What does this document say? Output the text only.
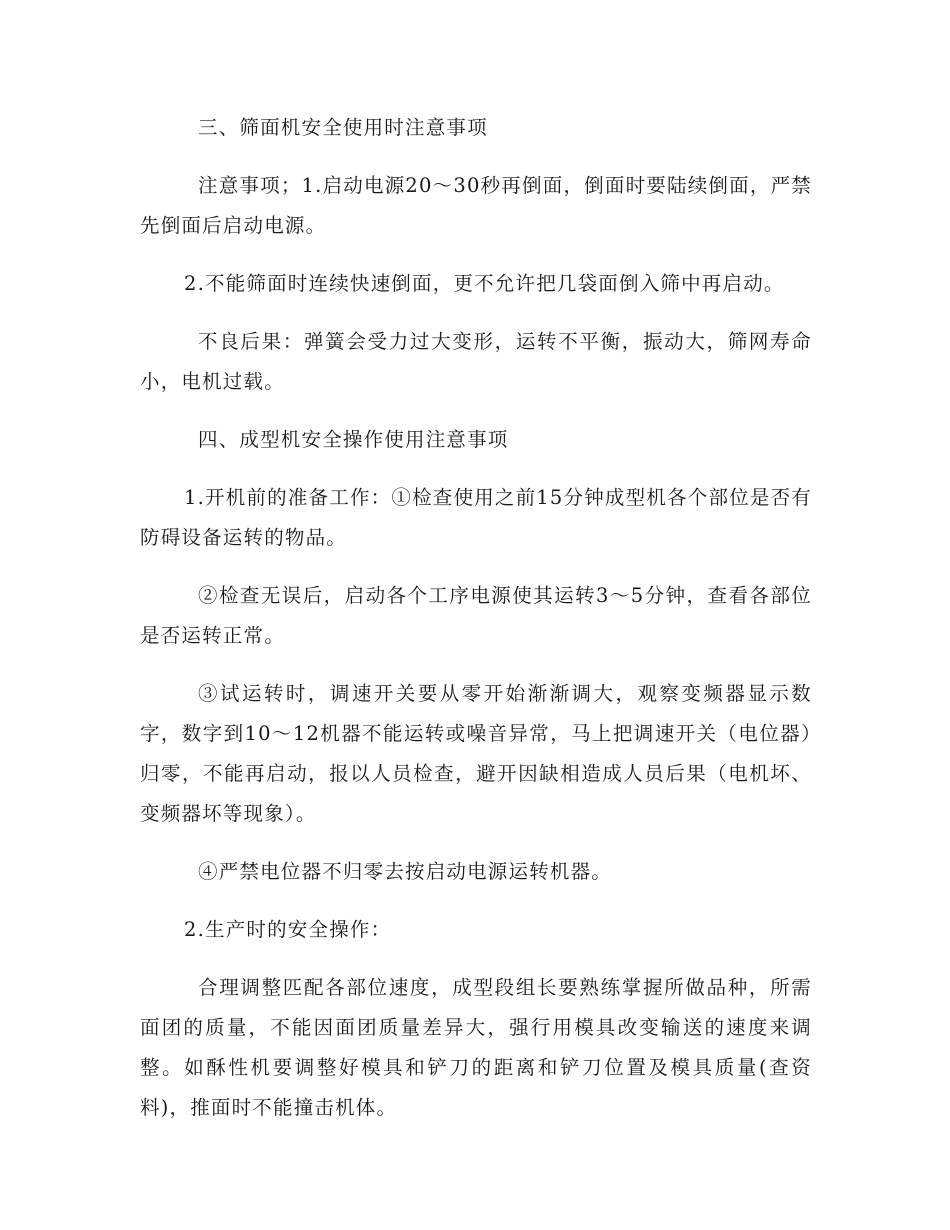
三、筛面机安全使用时注意事项

注意事项；1.启动电源20～30秒再倒面，倒面时要陆续倒面，严禁先倒面后启动电源。

2.不能筛面时连续快速倒面，更不允许把几袋面倒入筛中再启动。

不良后果：弹簧会受力过大变形，运转不平衡，振动大，筛网寿命小，电机过载。

四、成型机安全操作使用注意事项

1.开机前的准备工作：①检查使用之前15分钟成型机各个部位是否有防碍设备运转的物品。

②检查无误后，启动各个工序电源使其运转3～5分钟，查看各部位是否运转正常。

③试运转时，调速开关要从零开始渐渐调大，观察变频器显示数字，数字到10～12机器不能运转或噪音异常，马上把调速开关（电位器）归零，不能再启动，报以人员检查，避开因缺相造成人员后果（电机坏、变频器坏等现象）。

④严禁电位器不归零去按启动电源运转机器。

2.生产时的安全操作：

合理调整匹配各部位速度，成型段组长要熟练掌握所做品种，所需面团的质量，不能因面团质量差异大，强行用模具改变输送的速度来调整。如酥性机要调整好模具和铲刀的距离和铲刀位置及模具质量(查资料)，推面时不能撞击机体。
